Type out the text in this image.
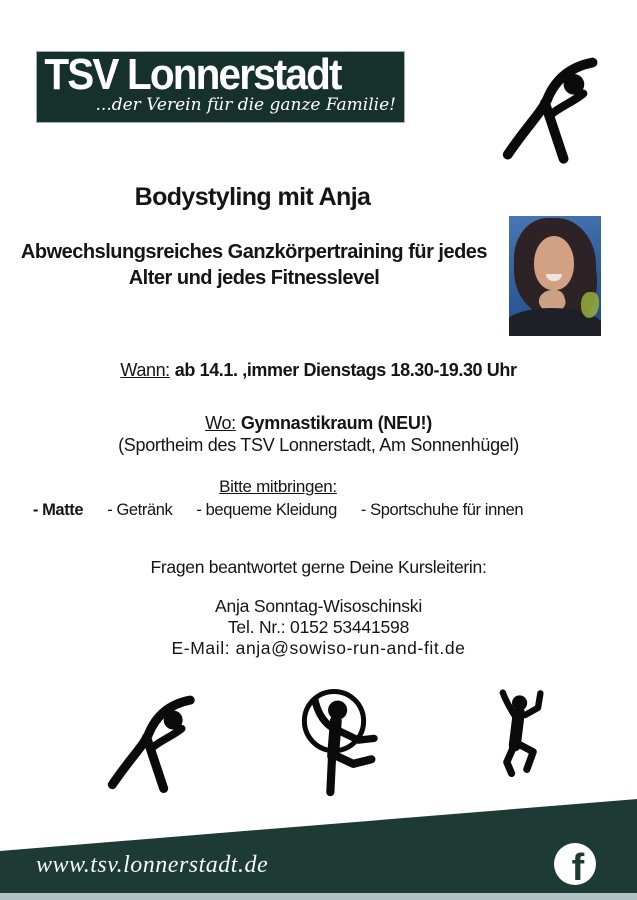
TSV Lonnerstadt
...der Verein für die ganze Familie!
Bodystyling mit Anja
Abwechslungsreiches Ganzkörpertraining für jedes Alter und jedes Fitnesslevel
Wann: ab 14.1. ,immer Dienstags 18.30-19.30 Uhr
Wo: Gymnastikraum (NEU!)
(Sportheim des TSV Lonnerstadt, Am Sonnenhügel)
Bitte mitbringen:
- Matte - Getränk - bequeme Kleidung - Sportschuhe für innen
Fragen beantwortet gerne Deine Kursleiterin:
Anja Sonntag-Wisoschinski
Tel. Nr.: 0152 53441598
E-Mail: anja@sowiso-run-and-fit.de
www.tsv.lonnerstadt.de	f
